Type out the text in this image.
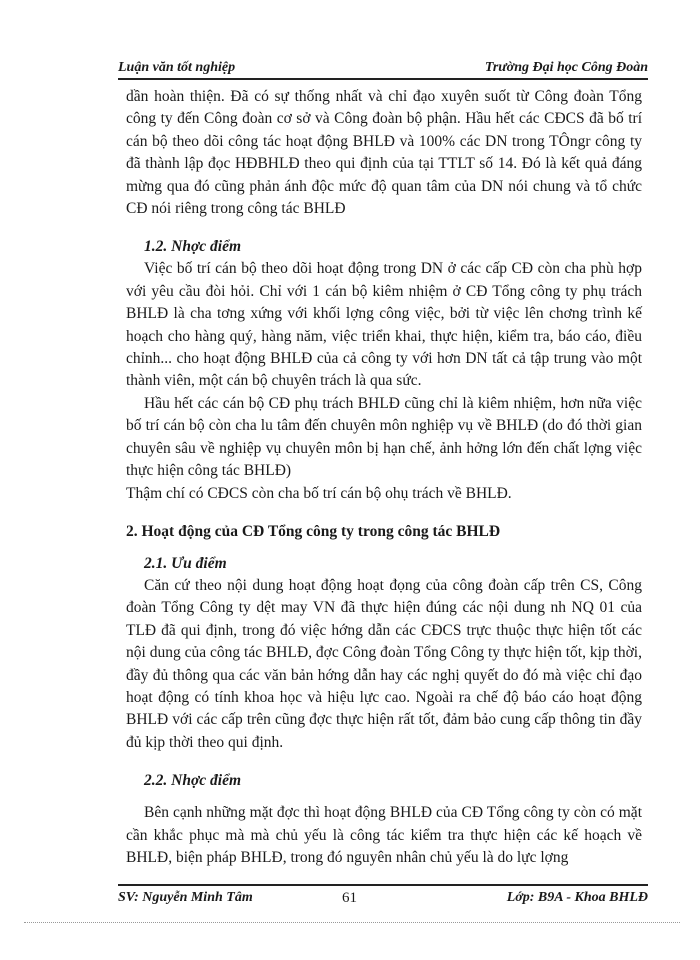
Luận văn tốt nghiệp	Trường Đại học Công Đoàn

dần hoàn thiện. Đã có sự thống nhất và chỉ đạo xuyên suốt từ Công đoàn Tổng công ty đến Công đoàn cơ sở và Công đoàn bộ phận. Hầu hết các CĐCS đã bố trí cán bộ theo dõi công tác hoạt động BHLĐ và 100% các DN trong TÔngr công ty đã thành lập đọc HĐBHLĐ theo qui định của tại TTLT số 14. Đó là kết quả đáng mừng qua đó cũng phản ánh độc mức độ quan tâm của DN nói chung và tổ chức CĐ nói riêng trong công tác BHLĐ

1.2. Nhợc điểm

Việc bố trí cán bộ theo dõi hoạt động trong DN ở các cấp CĐ còn cha phù hợp với yêu cầu đòi hỏi. Chỉ với 1 cán bộ kiêm nhiệm ở CĐ Tổng công ty phụ trách BHLĐ là cha tơng xứng với khối lợng công việc, bởi từ việc lên chơng trình kế hoạch cho hàng quý, hàng năm, việc triển khai, thực hiện, kiểm tra, báo cáo, điều chỉnh... cho hoạt động BHLĐ của cả công ty với hơn DN tất cả tập trung vào một thành viên, một cán bộ chuyên trách là qua sức.

Hầu hết các cán bộ CĐ phụ trách BHLĐ cũng chỉ là kiêm nhiệm, hơn nữa việc bố trí cán bộ còn cha lu tâm đến chuyên môn nghiệp vụ về BHLĐ (do đó thời gian chuyên sâu về nghiệp vụ chuyên môn bị hạn chế, ảnh hởng lớn đến chất lợng việc thực hiện công tác BHLĐ)

Thậm chí có CĐCS còn cha bố trí cán bộ ohụ trách về BHLĐ.

2. Hoạt động của CĐ Tổng công ty trong công tác BHLĐ

2.1. Ưu điểm

Căn cứ theo nội dung hoạt động hoạt đọng của công đoàn cấp trên CS, Công đoàn Tổng Công ty dệt may VN đã thực hiện đúng các nội dung nh NQ 01 của TLĐ đã qui định, trong đó việc hớng dẫn các CĐCS trực thuộc thực hiện tốt các nội dung của công tác BHLĐ, đợc Công đoàn Tổng Công ty thực hiện tốt, kịp thời, đầy đủ thông qua các văn bản hớng dẫn hay các nghị quyết do đó mà việc chỉ đạo hoạt động có tính khoa học và hiệu lực cao. Ngoài ra chế độ báo cáo hoạt động BHLĐ với các cấp trên cũng đợc thực hiện rất tốt, đảm bảo cung cấp thông tin đầy đủ kịp thời theo qui định.

2.2. Nhợc điểm

Bên cạnh những mặt đợc thì hoạt động BHLĐ của CĐ Tổng công ty còn có mặt cần khắc phục mà mà chủ yếu là công tác kiểm tra thực hiện các kế hoạch về BHLĐ, biện pháp BHLĐ, trong đó nguyên nhân chủ yếu là do lực lợng

SV: Nguyễn Minh Tâm	61	Lớp: B9A - Khoa BHLĐ
